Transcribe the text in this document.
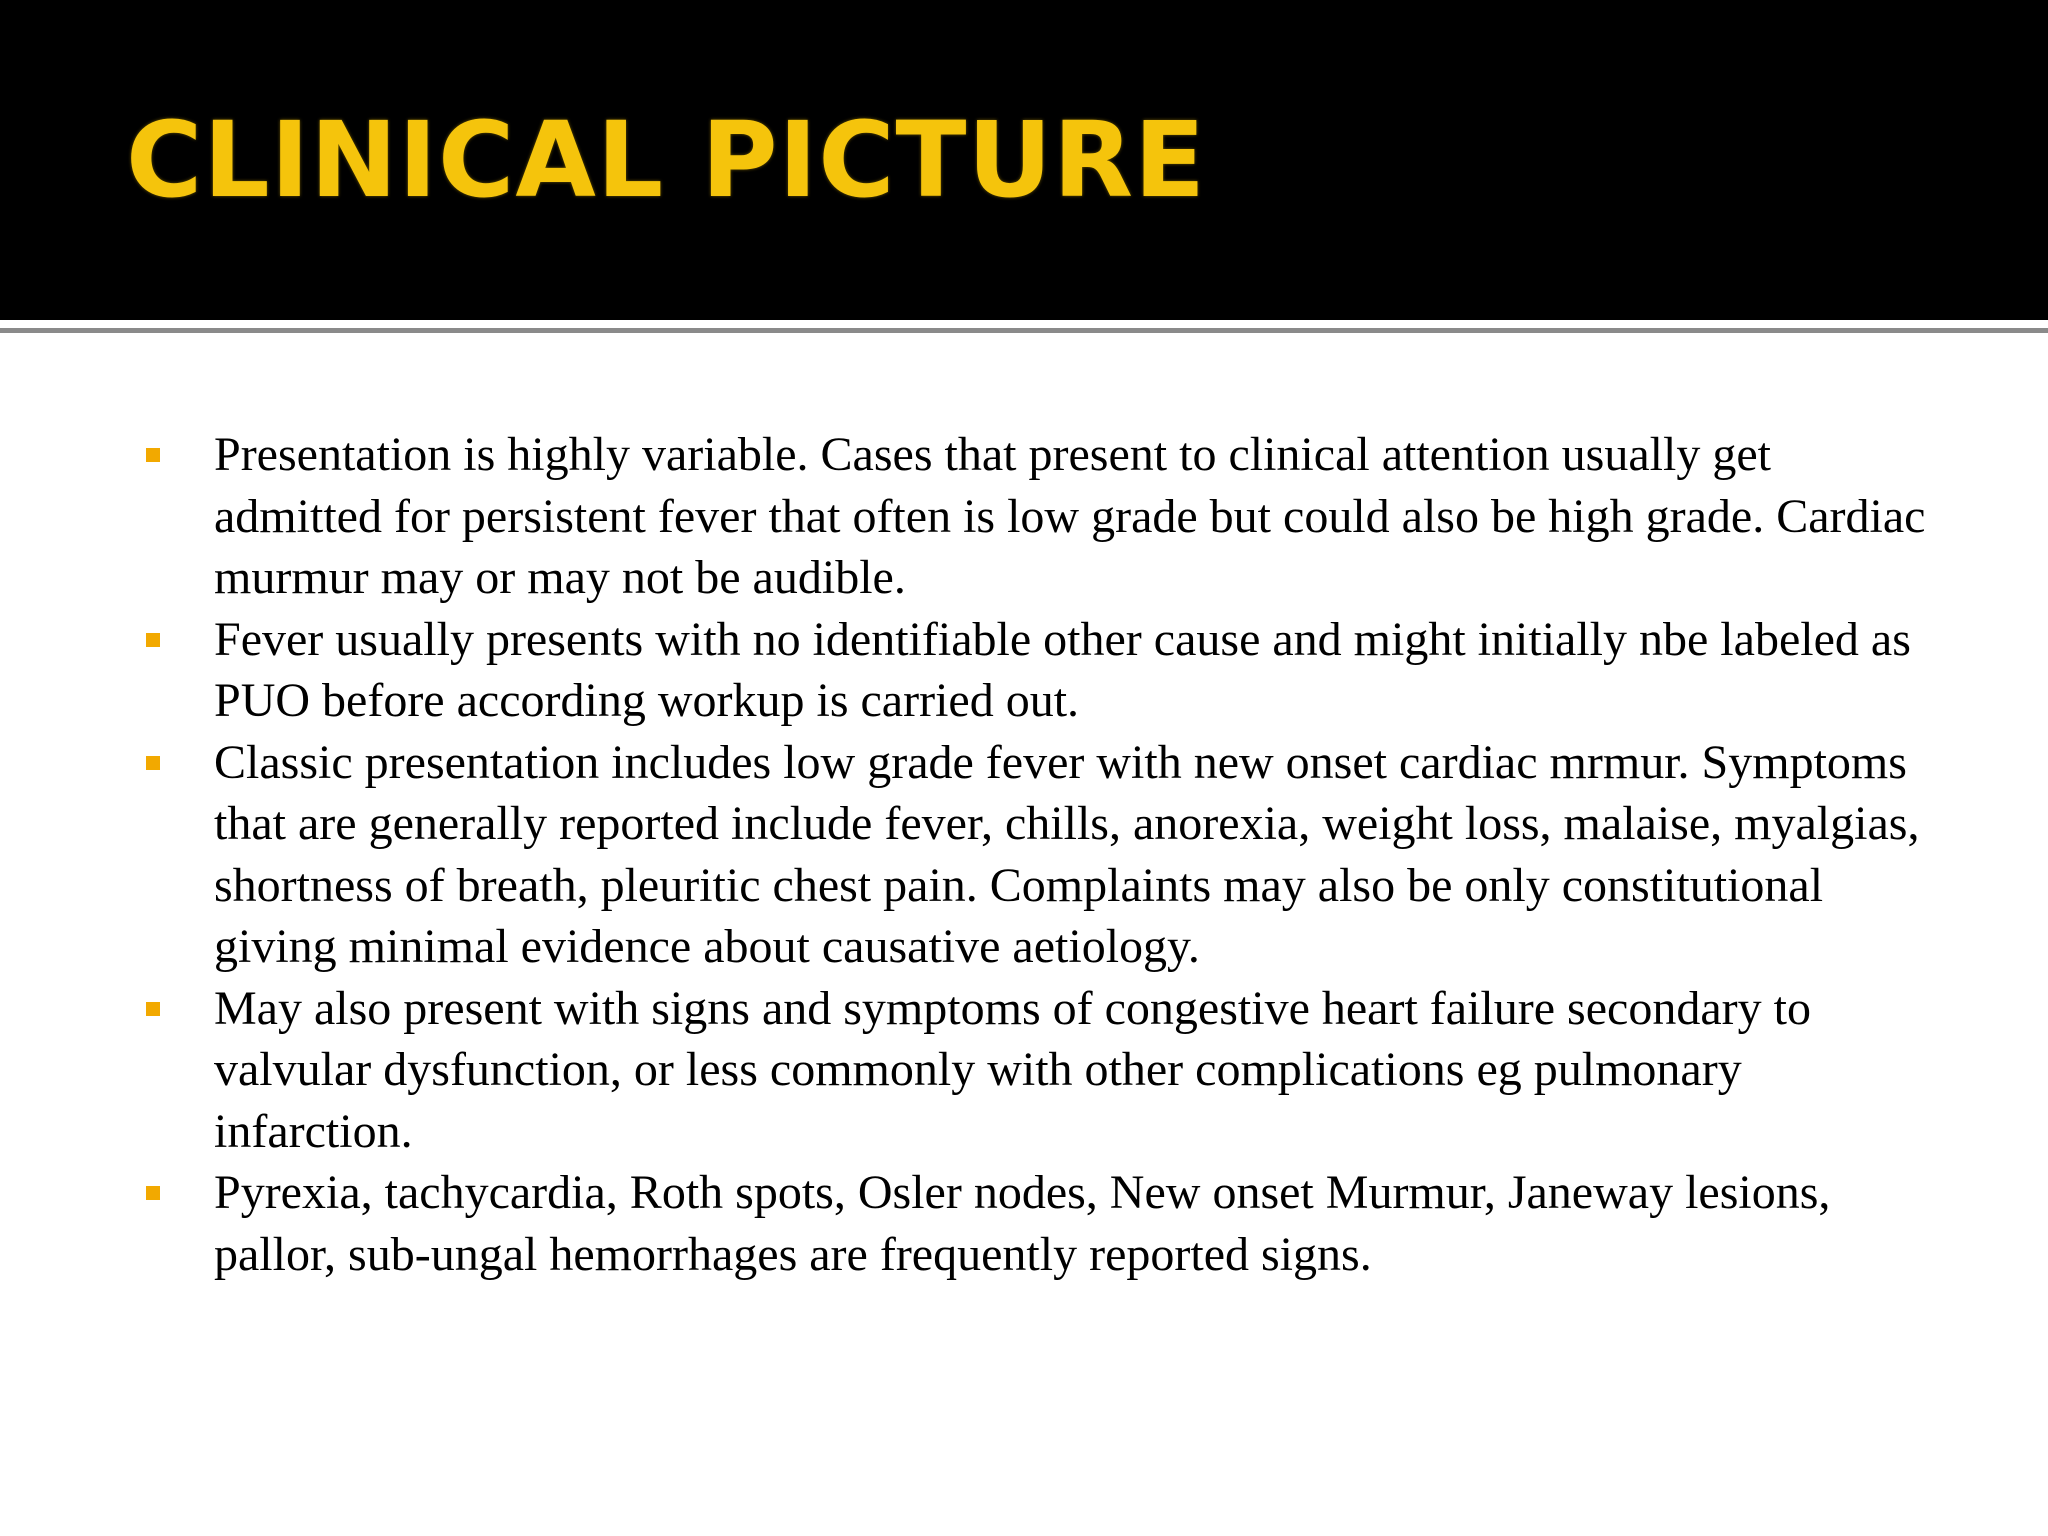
CLINICAL PICTURE
Presentation is highly variable. Cases that present to clinical attention usually get admitted for persistent fever that often is low grade but could also be high grade. Cardiac murmur may or may not be audible.
Fever usually presents with no identifiable other cause and might initially nbe labeled as PUO before according workup is carried out.
Classic presentation includes low grade fever with new onset cardiac mrmur. Symptoms that are generally reported include fever, chills, anorexia, weight loss, malaise, myalgias, shortness of breath, pleuritic chest pain. Complaints may also be only constitutional giving minimal evidence about causative aetiology.
May also present with signs and symptoms of congestive heart failure secondary to valvular dysfunction, or less commonly with other complications eg pulmonary infarction.
Pyrexia, tachycardia, Roth spots, Osler nodes, New onset Murmur, Janeway lesions, pallor, sub-ungal hemorrhages are frequently reported signs.
